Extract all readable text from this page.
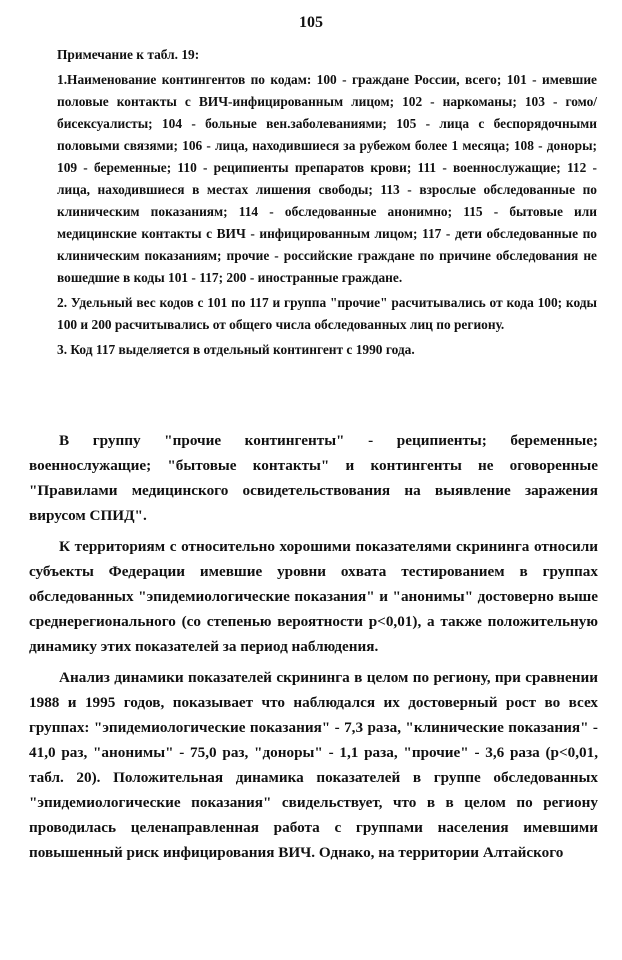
105

Примечание к табл. 19:

1.Наименование контингентов по кодам: 100 - граждане России, всего; 101 - имевшие половые контакты с ВИЧ-инфицированным лицом; 102 - наркоманы; 103 - гомо/ бисексуалисты; 104 - больные вен.заболеваниями; 105 - лица с беспорядочными половыми связями; 106 - лица, находившиеся за рубежом более 1 месяца; 108 - доноры; 109 - беременные; 110 - реципиенты препаратов крови; 111 - военнослужащие; 112 - лица, находившиеся в местах лишения свободы; 113 - взрослые обследованные по клиническим показаниям; 114 - обследованные анонимно; 115 - бытовые или медицинские контакты с ВИЧ - инфицированным лицом; 117 - дети обследованные по клиническим показаниям; прочие - российские граждане по причине обследования не вошедшие в коды 101 - 117; 200 - иностранные граждане.

2. Удельный вес кодов с 101 по 117 и группа "прочие" расчитывались от кода 100; коды 100 и 200 расчитывались от общего числа обследованных лиц по региону.

3. Код 117 выделяется в отдельный контингент с 1990 года.

В группу "прочие контингенты" - реципиенты; беременные; военнослужащие; "бытовые контакты" и контингенты не оговоренные "Правилами медицинского освидетельствования на выявление заражения вирусом СПИД".

К территориям с относительно хорошими показателями скрининга относили субъекты Федерации имевшие уровни охвата тестированием в группах обследованных "эпидемиологические показания" и "анонимы" достоверно выше среднерегионального (со степенью вероятности р<0,01), а также положительную динамику этих показателей за период наблюдения.

Анализ динамики показателей скрининга в целом по региону, при сравнении 1988 и 1995 годов, показывает что наблюдался их достоверный рост во всех группах: "эпидемиологические показания" - 7,3 раза, "клинические показания" - 41,0 раз, "анонимы" - 75,0 раз, "доноры" - 1,1 раза, "прочие" - 3,6 раза (р<0,01, табл. 20). Положительная динамика показателей в группе обследованных "эпидемиологические показания" свидельствует, что в в целом по региону проводилась целенаправленная работа с группами населения имевшими повышенный риск инфицирования ВИЧ. Однако, на территории Алтайского
